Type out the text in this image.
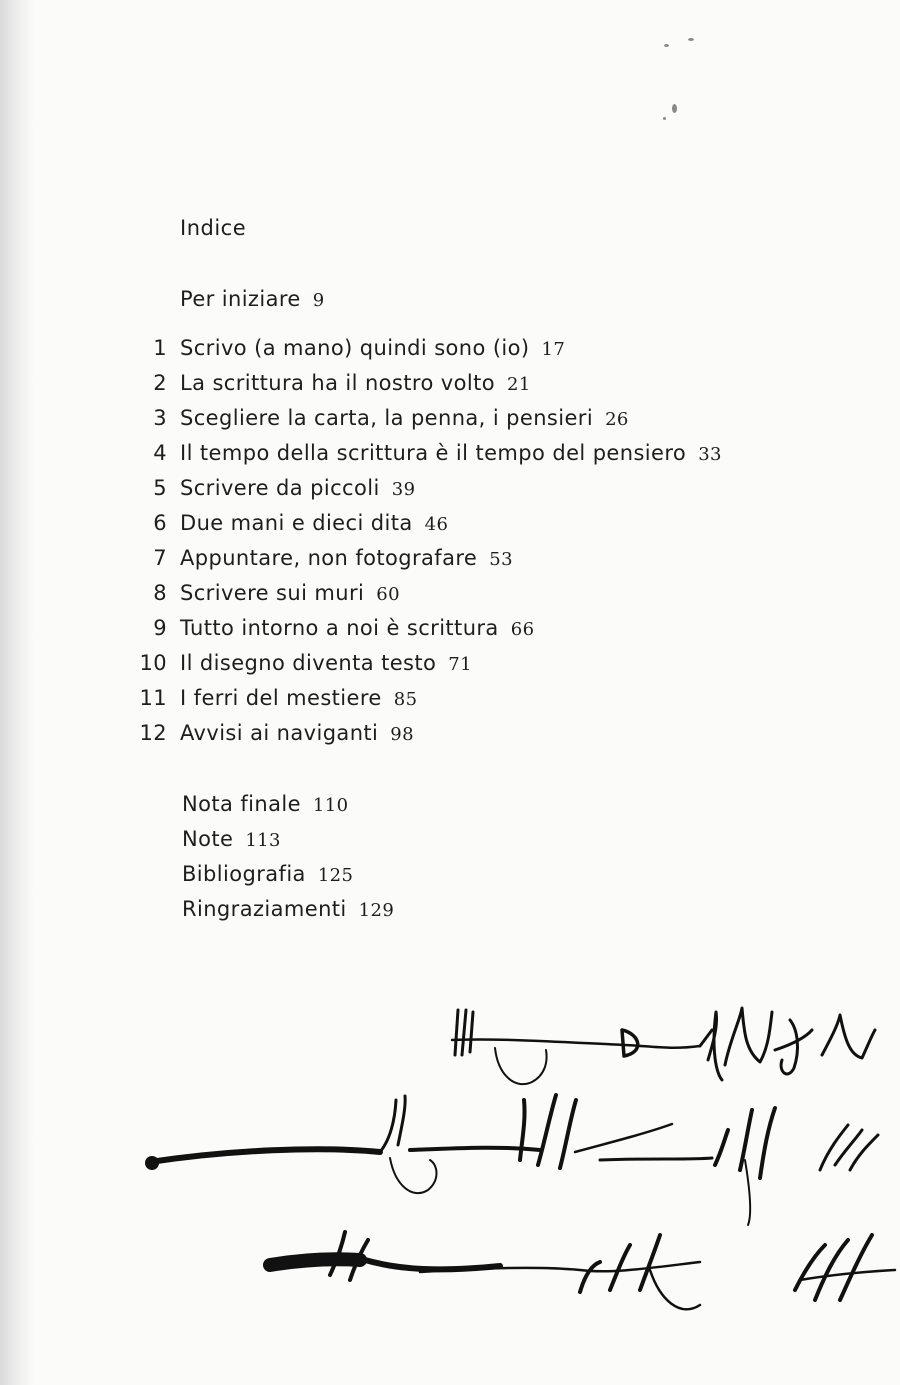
Indice
Per iniziare 9
1 Scrivo (a mano) quindi sono (io) 17
2 La scrittura ha il nostro volto 21
3 Scegliere la carta, la penna, i pensieri 26
4 Il tempo della scrittura è il tempo del pensiero 33
5 Scrivere da piccoli 39
6 Due mani e dieci dita 46
7 Appuntare, non fotografare 53
8 Scrivere sui muri 60
9 Tutto intorno a noi è scrittura 66
10 Il disegno diventa testo 71
11 I ferri del mestiere 85
12 Avvisi ai naviganti 98
Nota finale 110
Note 113
Bibliografia 125
Ringraziamenti 129
